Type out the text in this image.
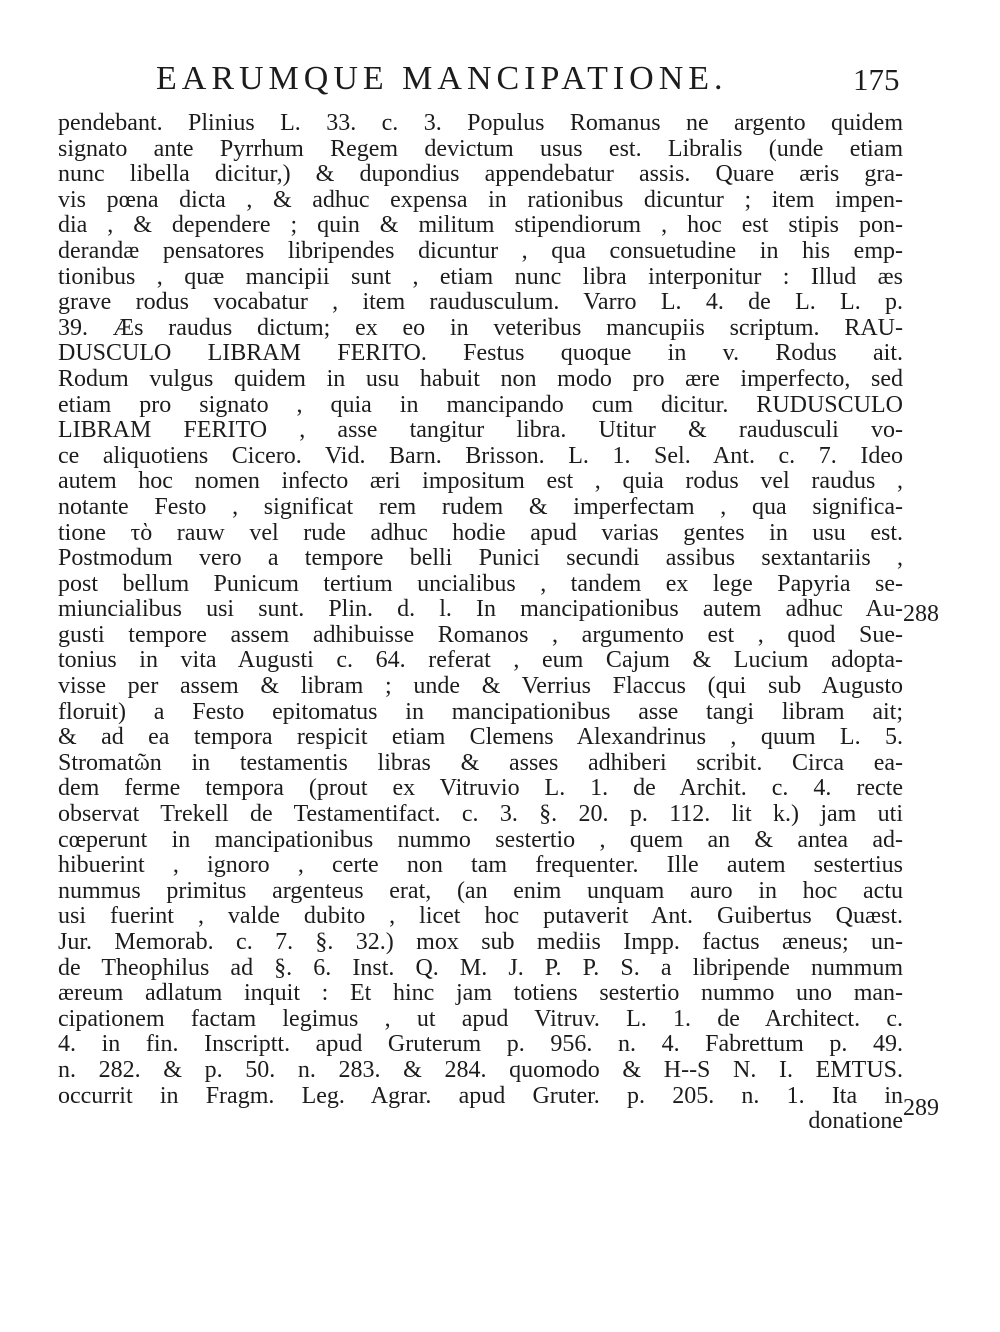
EARUMQUE MANCIPATIONE.	175
pendebant. Plinius L. 33. c. 3. Populus Romanus ne argento quidem
signato ante Pyrrhum Regem devictum usus est. Libralis (unde etiam
nunc libella dicitur,) & dupondius appendebatur assis. Quare æris gra-
vis pœna dicta , & adhuc expensa in rationibus dicuntur ; item impen-
dia , & dependere ; quin & militum stipendiorum , hoc est stipis pon-
derandæ pensatores libripendes dicuntur , qua consuetudine in his emp-
tionibus , quæ mancipii sunt , etiam nunc libra interponitur : Illud æs
grave rodus vocabatur , item raudusculum. Varro L. 4. de L. L. p.
39. Æs raudus dictum; ex eo in veteribus mancupiis scriptum. RAU-
DUSCULO LIBRAM FERITO. Festus quoque in v. Rodus ait.
Rodum vulgus quidem in usu habuit non modo pro ære imperfecto, sed
etiam pro signato , quia in mancipando cum dicitur. RUDUSCULO
LIBRAM FERITO , asse tangitur libra. Utitur & raudusculi vo-
ce aliquotiens Cicero. Vid. Barn. Brisson. L. 1. Sel. Ant. c. 7. Ideo
autem hoc nomen infecto æri impositum est , quia rodus vel raudus ,
notante Festo , significat rem rudem & imperfectam , qua significa-
tione τὸ rauw vel rude adhuc hodie apud varias gentes in usu est.
Postmodum vero a tempore belli Punici secundi assibus sextantariis ,
post bellum Punicum tertium uncialibus , tandem ex lege Papyria se-
miuncialibus usi sunt. Plin. d. l. In mancipationibus autem adhuc Au-
gusti tempore assem adhibuisse Romanos , argumento est , quod Sue-
tonius in vita Augusti c. 64. referat , eum Cajum & Lucium adopta-
visse per assem & libram ; unde & Verrius Flaccus (qui sub Augusto
floruit) a Festo epitomatus in mancipationibus asse tangi libram ait;
& ad ea tempora respicit etiam Clemens Alexandrinus , quum L. 5.
Stromatῶn in testamentis libras & asses adhiberi scribit. Circa ea-
dem ferme tempora (prout ex Vitruvio L. 1. de Archit. c. 4. recte
observat Trekell de Testamentifact. c. 3. §. 20. p. 112. lit k.) jam uti
cœperunt in mancipationibus nummo sestertio , quem an & antea ad-
hibuerint , ignoro , certe non tam frequenter. Ille autem sestertius
nummus primitus argenteus erat, (an enim unquam auro in hoc actu
usi fuerint , valde dubito , licet hoc putaverit Ant. Guibertus Quæst.
Jur. Memorab. c. 7. §. 32.) mox sub mediis Impp. factus æneus; un-
de Theophilus ad §. 6. Inst. Q. M. J. P. P. S. a libripende nummum
æreum adlatum inquit : Et hinc jam totiens sestertio nummo uno man-
cipationem factam legimus , ut apud Vitruv. L. 1. de Architect. c.
4. in fin. Inscriptt. apud Gruterum p. 956. n. 4. Fabrettum p. 49.
n. 282. & p. 50. n. 283. & 284. quomodo & H--S N. I. EMTUS.
occurrit in Fragm. Leg. Agrar. apud Gruter. p. 205. n. 1. Ita in
donatione
288
289
